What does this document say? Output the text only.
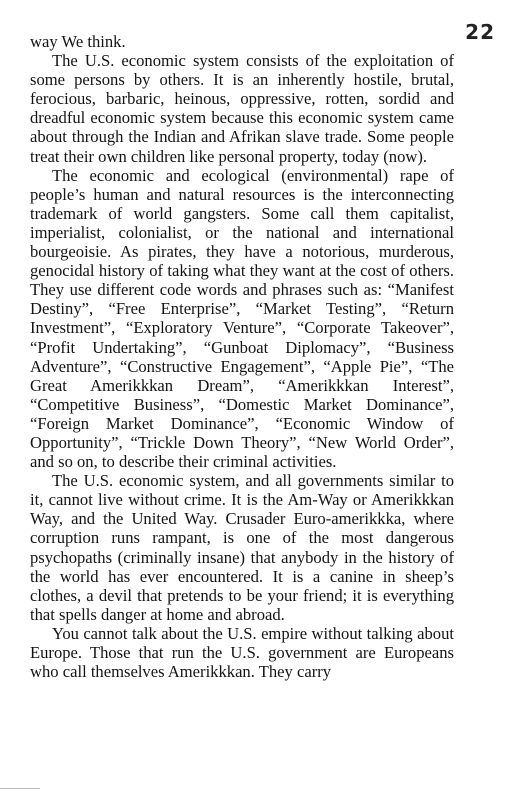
22

way We think.

The U.S. economic system consists of the exploitation of some persons by others. It is an inherently hostile, brutal, ferocious, barbaric, heinous, oppressive, rotten, sordid and dreadful economic system because this economic system came about through the Indian and Afrikan slave trade. Some people treat their own children like personal property, today (now).

The economic and ecological (environmental) rape of people’s human and natural resources is the interconnecting trademark of world gangsters. Some call them capitalist, imperialist, colonialist, or the national and international bourgeoisie. As pirates, they have a notorious, murderous, genocidal history of taking what they want at the cost of others. They use different code words and phrases such as: “Manifest Destiny”, “Free Enterprise”, “Market Testing”, “Return Investment”, “Exploratory Venture”, “Corporate Takeover”, “Profit Undertaking”, “Gunboat Diplomacy”, “Business Adventure”, “Constructive Engagement”, “Apple Pie”, “The Great Amerikkkan Dream”, “Amerikkkan Interest”, “Competitive Business”, “Domestic Market Dominance”, “Foreign Market Dominance”, “Economic Window of Opportunity”, “Trickle Down Theory”, “New World Order”, and so on, to describe their criminal activities.

The U.S. economic system, and all governments similar to it, cannot live without crime. It is the Am-Way or Amerikkkan Way, and the United Way. Crusader Euro-amerikkka, where corruption runs rampant, is one of the most dangerous psychopaths (criminally insane) that anybody in the history of the world has ever encountered. It is a canine in sheep’s clothes, a devil that pretends to be your friend; it is everything that spells danger at home and abroad.

You cannot talk about the U.S. empire without talking about Europe. Those that run the U.S. government are Europeans who call themselves Amerikkkan. They carry
